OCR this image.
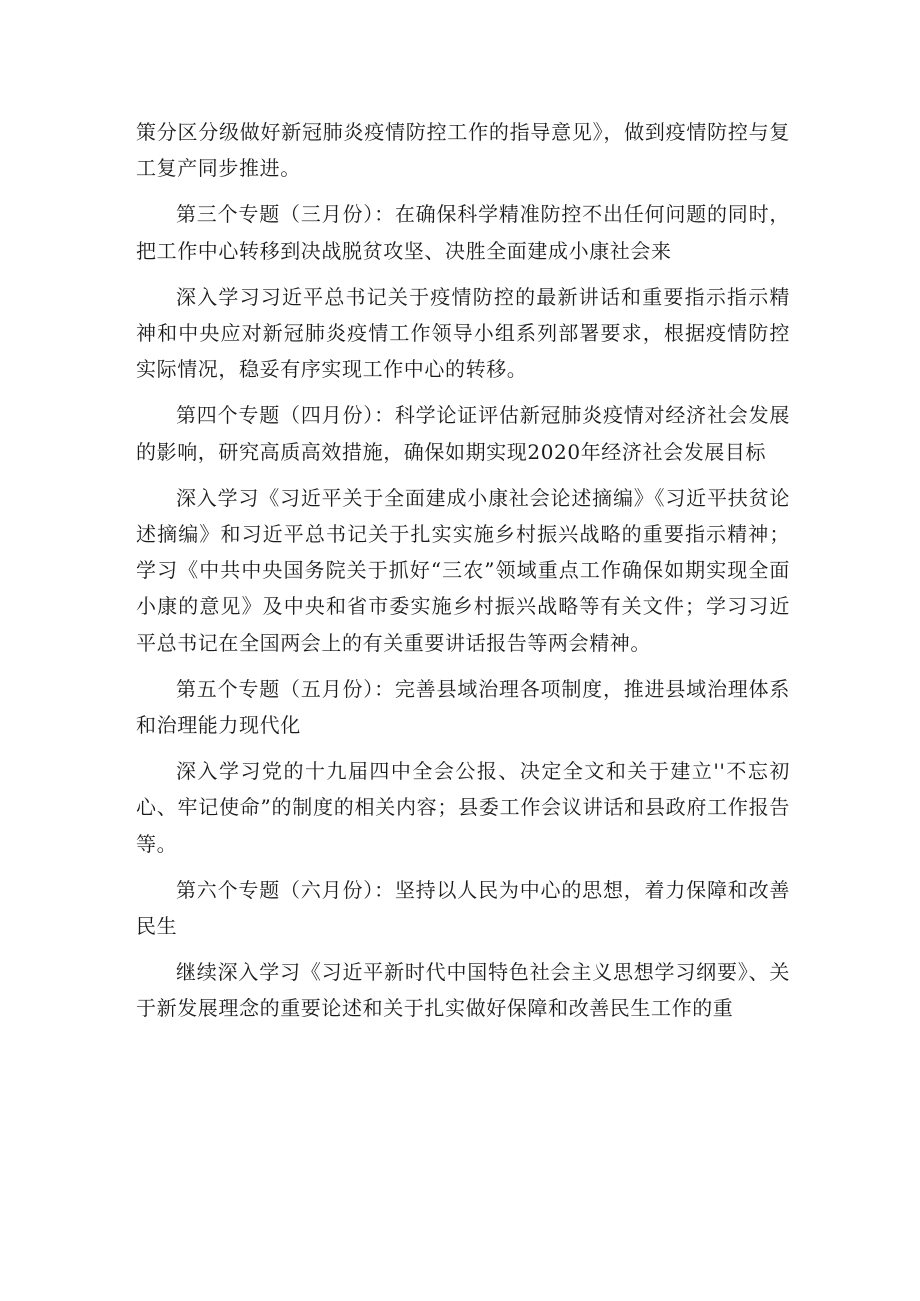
策分区分级做好新冠肺炎疫情防控工作的指导意见》，做到疫情防控与复工复产同步推进。

第三个专题（三月份）：在确保科学精准防控不出任何问题的同时，把工作中心转移到决战脱贫攻坚、决胜全面建成小康社会来

深入学习习近平总书记关于疫情防控的最新讲话和重要指示指示精神和中央应对新冠肺炎疫情工作领导小组系列部署要求，根据疫情防控实际情况，稳妥有序实现工作中心的转移。

第四个专题（四月份）：科学论证评估新冠肺炎疫情对经济社会发展的影响，研究高质高效措施，确保如期实现2020年经济社会发展目标

深入学习《习近平关于全面建成小康社会论述摘编》《习近平扶贫论述摘编》和习近平总书记关于扎实实施乡村振兴战略的重要指示精神；学习《中共中央国务院关于抓好“三农”领域重点工作确保如期实现全面小康的意见》及中央和省市委实施乡村振兴战略等有关文件；学习习近平总书记在全国两会上的有关重要讲话报告等两会精神。

第五个专题（五月份）：完善县域治理各项制度，推进县域治理体系和治理能力现代化

深入学习党的十九届四中全会公报、决定全文和关于建立''不忘初心、牢记使命”的制度的相关内容；县委工作会议讲话和县政府工作报告等。

第六个专题（六月份）：坚持以人民为中心的思想，着力保障和改善民生

继续深入学习《习近平新时代中国特色社会主义思想学习纲要》、关于新发展理念的重要论述和关于扎实做好保障和改善民生工作的重
